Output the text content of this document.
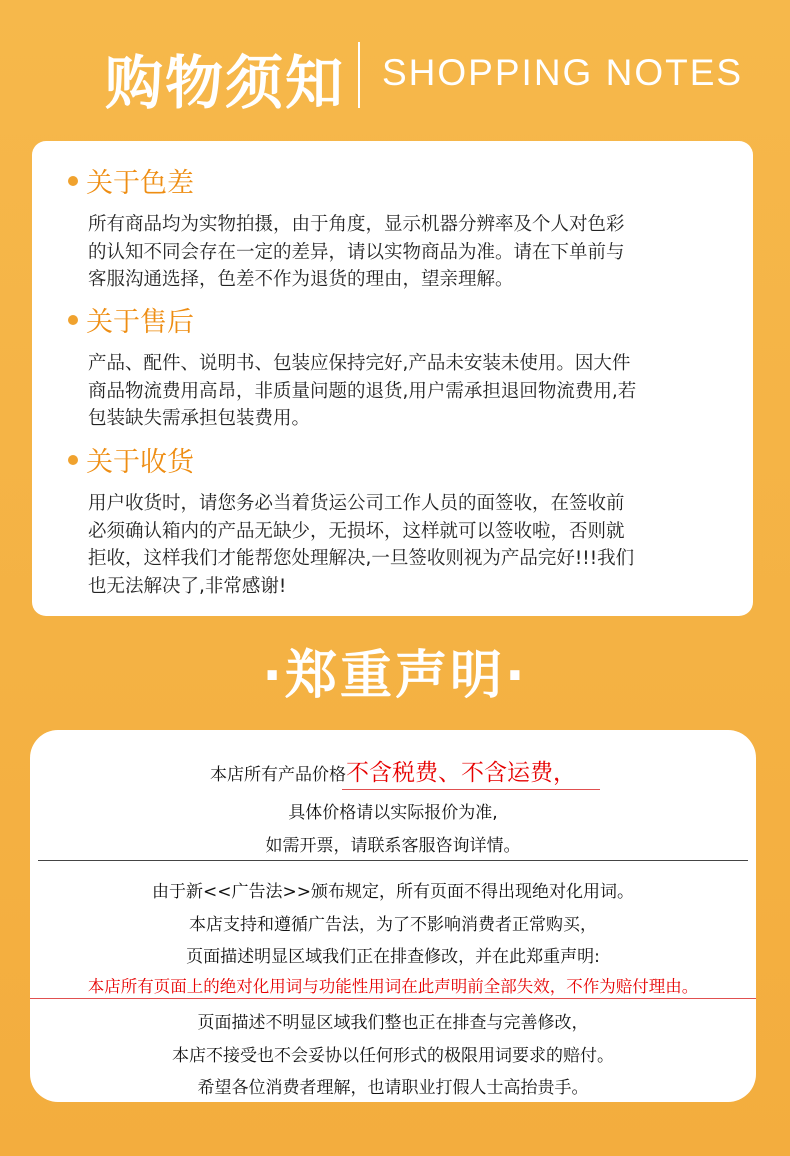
购物须知 SHOPPING NOTES
关于色差
所有商品均为实物拍摄，由于角度，显示机器分辨率及个人对色彩
的认知不同会存在一定的差异，请以实物商品为准。请在下单前与
客服沟通选择，色差不作为退货的理由，望亲理解。
关于售后
产品、配件、说明书、包装应保持完好,产品未安装未使用。因大件
商品物流费用高昂，非质量问题的退货,用户需承担退回物流费用,若
包装缺失需承担包装费用。
关于收货
用户收货时，请您务必当着货运公司工作人员的面签收，在签收前
必须确认箱内的产品无缺少，无损坏，这样就可以签收啦，否则就
拒收，这样我们才能帮您处理解决,一旦签收则视为产品完好!!!我们
也无法解决了,非常感谢!
·郑重声明·
本店所有产品价格不含税费、不含运费，
具体价格请以实际报价为准,
如需开票，请联系客服咨询详情。
由于新<<广告法>>颁布规定，所有页面不得出现绝对化用词。
本店支持和遵循广告法，为了不影响消费者正常购买，
页面描述明显区域我们正在排查修改，并在此郑重声明:
本店所有页面上的绝对化用词与功能性用词在此声明前全部失效，不作为赔付理由。
页面描述不明显区域我们整也正在排查与完善修改，
本店不接受也不会妥协以任何形式的极限用词要求的赔付。
希望各位消费者理解，也请职业打假人士高抬贵手。
